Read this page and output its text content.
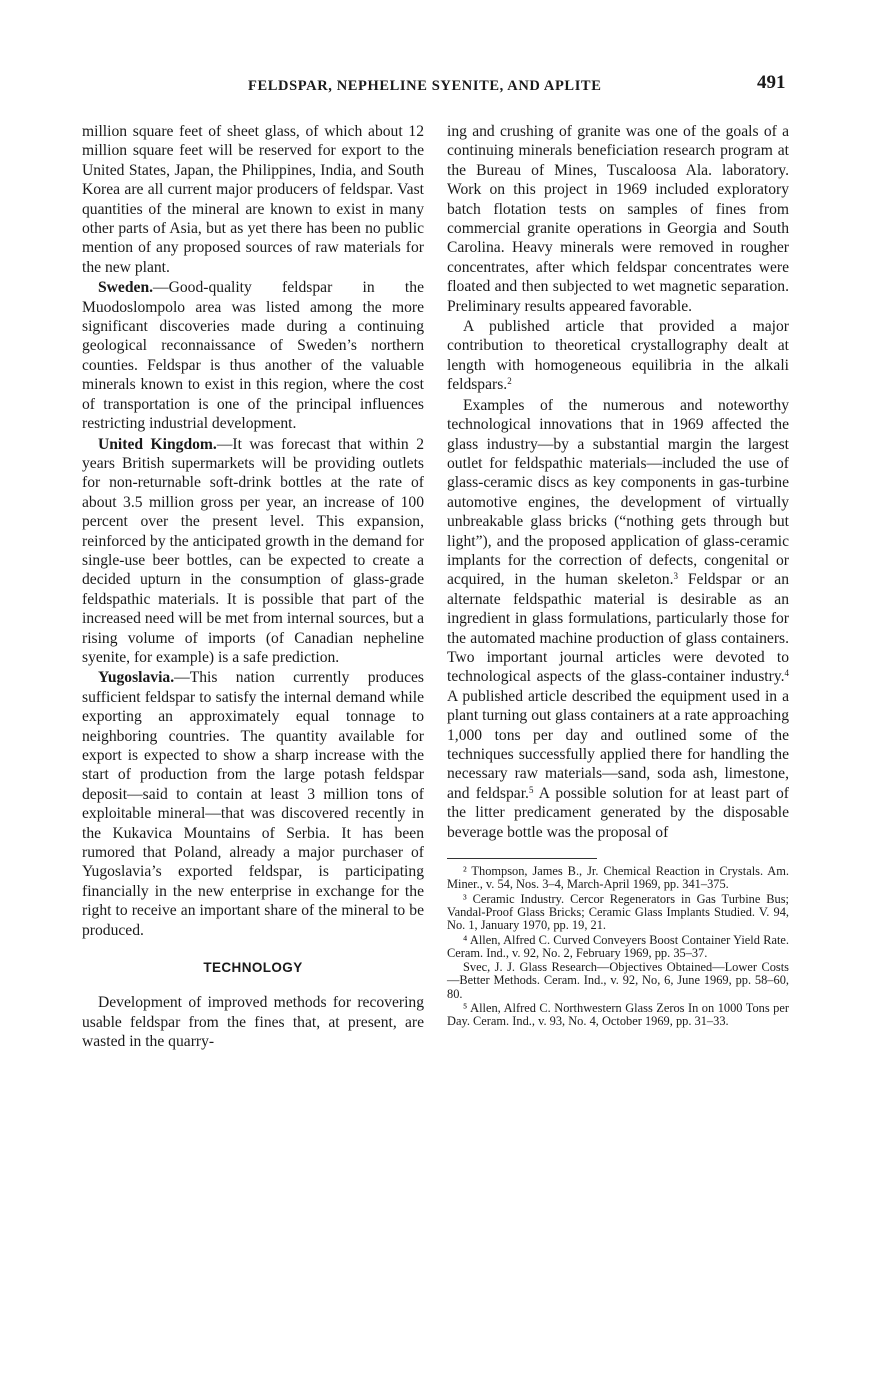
FELDSPAR, NEPHELINE SYENITE, AND APLITE	491

million square feet of sheet glass, of which about 12 million square feet will be reserved for export to the United States, Japan, the Philippines, India, and South Korea are all current major producers of feldspar. Vast quantities of the mineral are known to exist in many other parts of Asia, but as yet there has been no public mention of any proposed sources of raw materials for the new plant.

Sweden.—Good-quality feldspar in the Muodoslompolo area was listed among the more significant discoveries made during a continuing geological reconnaissance of Sweden’s northern counties. Feldspar is thus another of the valuable minerals known to exist in this region, where the cost of transportation is one of the principal influences restricting industrial development.

United Kingdom.—It was forecast that within 2 years British supermarkets will be providing outlets for non-returnable soft-drink bottles at the rate of about 3.5 million gross per year, an increase of 100 percent over the present level. This expansion, reinforced by the anticipated growth in the demand for single-use beer bottles, can be expected to create a decided upturn in the consumption of glass-grade feldspathic materials. It is possible that part of the increased need will be met from internal sources, but a rising volume of imports (of Canadian nepheline syenite, for example) is a safe prediction.

Yugoslavia.—This nation currently produces sufficient feldspar to satisfy the internal demand while exporting an approximately equal tonnage to neighboring countries. The quantity available for export is expected to show a sharp increase with the start of production from the large potash feldspar deposit—said to contain at least 3 million tons of exploitable mineral—that was discovered recently in the Kukavica Mountains of Serbia. It has been rumored that Poland, already a major purchaser of Yugoslavia’s exported feldspar, is participating financially in the new enterprise in exchange for the right to receive an important share of the mineral to be produced.

TECHNOLOGY

Development of improved methods for recovering usable feldspar from the fines that, at present, are wasted in the quarry-

ing and crushing of granite was one of the goals of a continuing minerals beneficiation research program at the Bureau of Mines, Tuscaloosa Ala. laboratory. Work on this project in 1969 included exploratory batch flotation tests on samples of fines from commercial granite operations in Georgia and South Carolina. Heavy minerals were removed in rougher concentrates, after which feldspar concentrates were floated and then subjected to wet magnetic separation. Preliminary results appeared favorable.

A published article that provided a major contribution to theoretical crystallography dealt at length with homogeneous equilibria in the alkali feldspars.$^2$

Examples of the numerous and noteworthy technological innovations that in 1969 affected the glass industry—by a substantial margin the largest outlet for feldspathic materials—included the use of glass-ceramic discs as key components in gas-turbine automotive engines, the development of virtually unbreakable glass bricks (“nothing gets through but light”), and the proposed application of glass-ceramic implants for the correction of defects, congenital or acquired, in the human skeleton.$^3$ Feldspar or an alternate feldspathic material is desirable as an ingredient in glass formulations, particularly those for the automated machine production of glass containers. Two important journal articles were devoted to technological aspects of the glass-container industry.$^4$ A published article described the equipment used in a plant turning out glass containers at a rate approaching 1,000 tons per day and outlined some of the techniques successfully applied there for handling the necessary raw materials—sand, soda ash, limestone, and feldspar.$^5$ A possible solution for at least part of the litter predicament generated by the disposable beverage bottle was the proposal of

² Thompson, James B., Jr. Chemical Reaction in Crystals. Am. Miner., v. 54, Nos. 3–4, March-April 1969, pp. 341–375.

³ Ceramic Industry. Cercor Regenerators in Gas Turbine Bus; Vandal-Proof Glass Bricks; Ceramic Glass Implants Studied. V. 94, No. 1, January 1970, pp. 19, 21.

⁴ Allen, Alfred C. Curved Conveyers Boost Container Yield Rate. Ceram. Ind., v. 92, No. 2, February 1969, pp. 35–37.

Svec, J. J. Glass Research—Objectives Obtained—Lower Costs—Better Methods. Ceram. Ind., v. 92, No, 6, June 1969, pp. 58–60, 80.

⁵ Allen, Alfred C. Northwestern Glass Zeros In on 1000 Tons per Day. Ceram. Ind., v. 93, No. 4, October 1969, pp. 31–33.
